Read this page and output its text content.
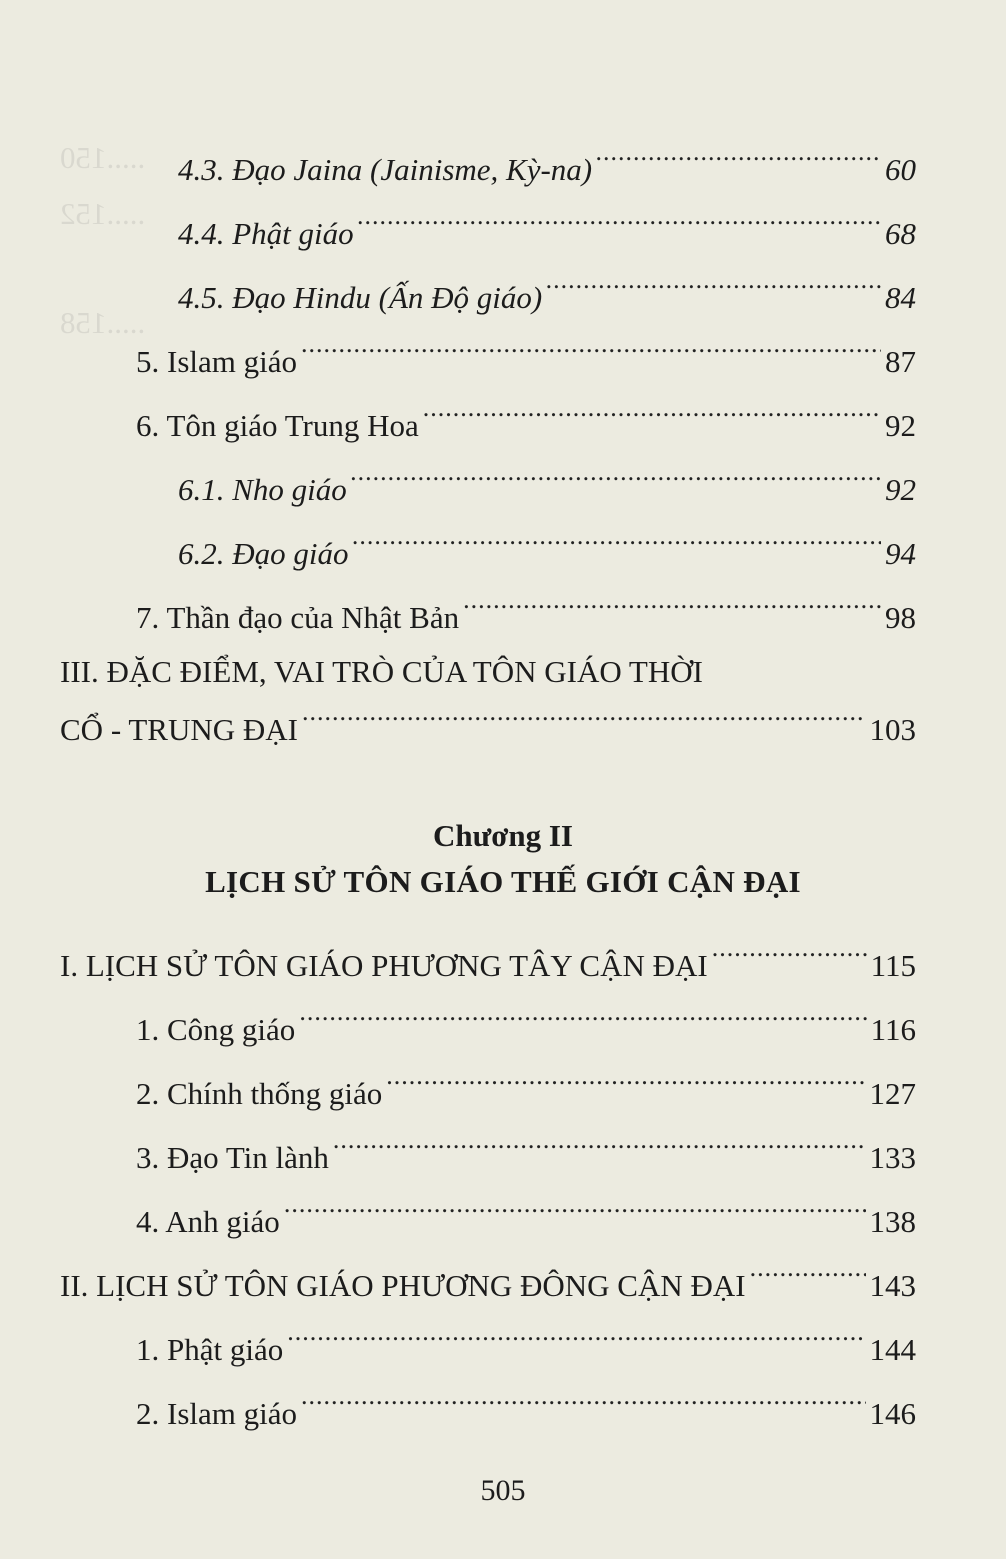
.....150
.....152
.....158
4.3. Đạo Jaina (Jainisme, Kỳ-na) .....	60
4.4. Phật giáo .....	68
4.5. Đạo Hindu (Ấn Độ giáo) .....	84
5. Islam giáo .....	87
6. Tôn giáo Trung Hoa .....	92
6.1. Nho giáo .....	92
6.2. Đạo giáo .....	94
7. Thần đạo của Nhật Bản .....	98
III. ĐẶC ĐIỂM, VAI TRÒ CỦA TÔN GIÁO THỜI
CỔ - TRUNG ĐẠI .....	103
Chương II
LỊCH SỬ TÔN GIÁO THẾ GIỚI CẬN ĐẠI
I. LỊCH SỬ TÔN GIÁO PHƯƠNG TÂY CẬN ĐẠI .....	115
1. Công giáo .....	116
2. Chính thống giáo .....	127
3. Đạo Tin lành .....	133
4. Anh giáo .....	138
II. LỊCH SỬ TÔN GIÁO PHƯƠNG ĐÔNG CẬN ĐẠI .....	143
1. Phật giáo .....	144
2. Islam giáo .....	146
505
